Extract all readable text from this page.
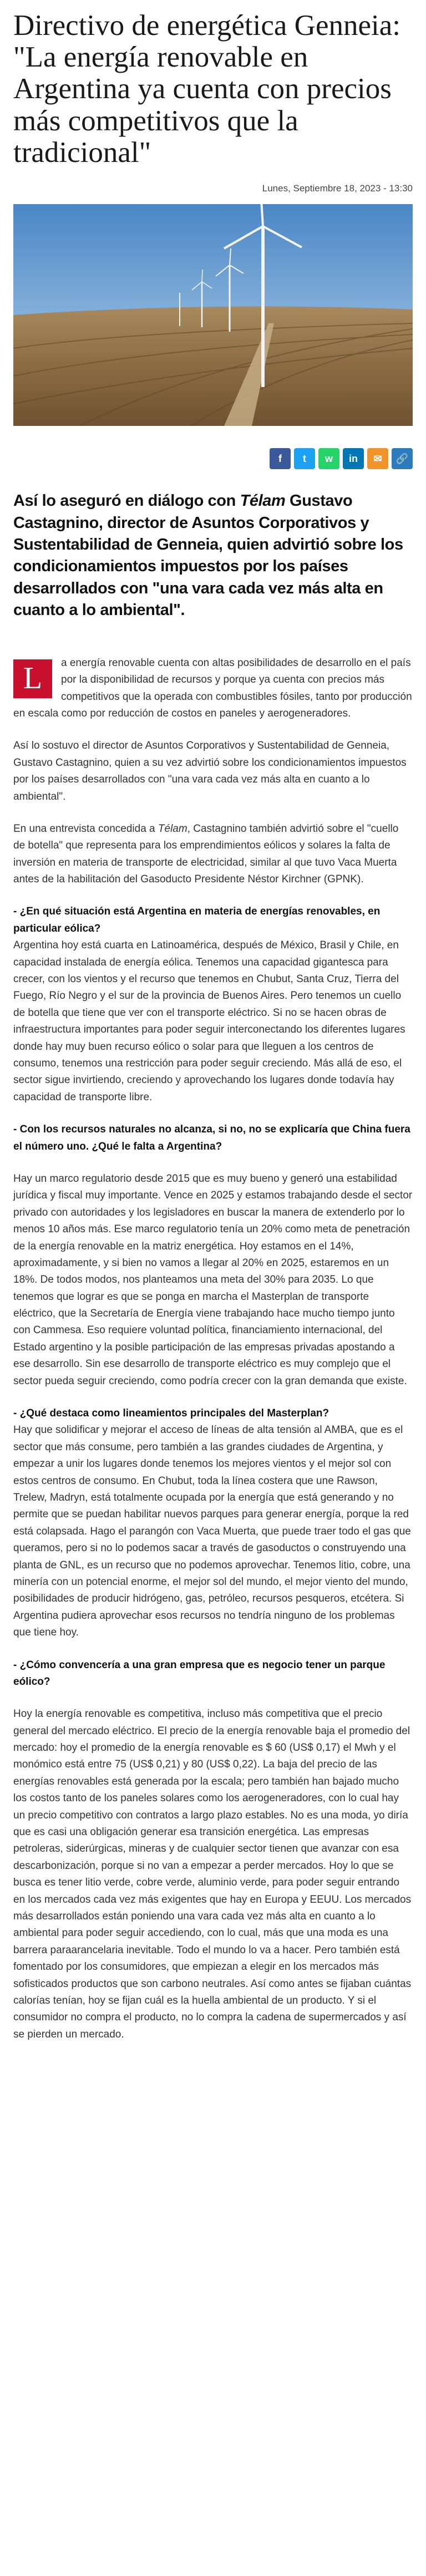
Directivo de energética Genneia: "La energía renovable en Argentina ya cuenta con precios más competitivos que la tradicional"
Lunes, Septiembre 18, 2023 - 13:30
f t w in ✉ 🔗

Así lo aseguró en diálogo con Télam Gustavo Castagnino, director de Asuntos Corporativos y Sustentabilidad de Genneia, quien advirtió sobre los condicionamientos impuestos por los países desarrollados con "una vara cada vez más alta en cuanto a lo ambiental".

L	a energía renovable cuenta con altas posibilidades de desarrollo en el país por la disponibilidad de recursos y porque ya cuenta con precios más competitivos que la operada con combustibles fósiles, tanto por producción en escala como por reducción de costos en paneles y aerogeneradores.

Así lo sostuvo el director de Asuntos Corporativos y Sustentabilidad de Genneia, Gustavo Castagnino, quien a su vez advirtió sobre los condicionamientos impuestos por los países desarrollados con "una vara cada vez más alta en cuanto a lo ambiental".

En una entrevista concedida a Télam, Castagnino también advirtió sobre el "cuello de botella" que representa para los emprendimientos eólicos y solares la falta de inversión en materia de transporte de electricidad, similar al que tuvo Vaca Muerta antes de la habilitación del Gasoducto Presidente Néstor Kirchner (GPNK).

- ¿En qué situación está Argentina en materia de energías renovables, en particular eólica?

Argentina hoy está cuarta en Latinoamérica, después de México, Brasil y Chile, en capacidad instalada de energía eólica. Tenemos una capacidad gigantesca para crecer, con los vientos y el recurso que tenemos en Chubut, Santa Cruz, Tierra del Fuego, Río Negro y el sur de la provincia de Buenos Aires. Pero tenemos un cuello de botella que tiene que ver con el transporte eléctrico. Si no se hacen obras de infraestructura importantes para poder seguir interconectando los diferentes lugares donde hay muy buen recurso eólico o solar para que lleguen a los centros de consumo, tenemos una restricción para poder seguir creciendo. Más allá de eso, el sector sigue invirtiendo, creciendo y aprovechando los lugares donde todavía hay capacidad de transporte libre.

- Con los recursos naturales no alcanza, si no, no se explicaría que China fuera el número uno. ¿Qué le falta a Argentina?

Hay un marco regulatorio desde 2015 que es muy bueno y generó una estabilidad jurídica y fiscal muy importante. Vence en 2025 y estamos trabajando desde el sector privado con autoridades y los legisladores en buscar la manera de extenderlo por lo menos 10 años más. Ese marco regulatorio tenía un 20% como meta de penetración de la energía renovable en la matriz energética. Hoy estamos en el 14%, aproximadamente, y si bien no vamos a llegar al 20% en 2025, estaremos en un 18%. De todos modos, nos planteamos una meta del 30% para 2035. Lo que tenemos que lograr es que se ponga en marcha el Masterplan de transporte eléctrico, que la Secretaría de Energía viene trabajando hace mucho tiempo junto con Cammesa. Eso requiere voluntad política, financiamiento internacional, del Estado argentino y la posible participación de las empresas privadas apostando a ese desarrollo. Sin ese desarrollo de transporte eléctrico es muy complejo que el sector pueda seguir creciendo, como podría crecer con la gran demanda que existe.

- ¿Qué destaca como lineamientos principales del Masterplan?

Hay que solidificar y mejorar el acceso de líneas de alta tensión al AMBA, que es el sector que más consume, pero también a las grandes ciudades de Argentina, y empezar a unir los lugares donde tenemos los mejores vientos y el mejor sol con estos centros de consumo. En Chubut, toda la línea costera que une Rawson, Trelew, Madryn, está totalmente ocupada por la energía que está generando y no permite que se puedan habilitar nuevos parques para generar energía, porque la red está colapsada. Hago el parangón con Vaca Muerta, que puede traer todo el gas que queramos, pero si no lo podemos sacar a través de gasoductos o construyendo una planta de GNL, es un recurso que no podemos aprovechar. Tenemos litio, cobre, una minería con un potencial enorme, el mejor sol del mundo, el mejor viento del mundo, posibilidades de producir hidrógeno, gas, petróleo, recursos pesqueros, etcétera. Si Argentina pudiera aprovechar esos recursos no tendría ninguno de los problemas que tiene hoy.

- ¿Cómo convencería a una gran empresa que es negocio tener un parque eólico?

Hoy la energía renovable es competitiva, incluso más competitiva que el precio general del mercado eléctrico. El precio de la energía renovable baja el promedio del mercado: hoy el promedio de la energía renovable es $ 60 (US$ 0,17) el Mwh y el monómico está entre 75 (US$ 0,21) y 80 (US$ 0,22). La baja del precio de las energías renovables está generada por la escala; pero también han bajado mucho los costos tanto de los paneles solares como los aerogeneradores, con lo cual hay un precio competitivo con contratos a largo plazo estables. No es una moda, yo diría que es casi una obligación generar esa transición energética. Las empresas petroleras, siderúrgicas, mineras y de cualquier sector tienen que avanzar con esa descarbonización, porque si no van a empezar a perder mercados. Hoy lo que se busca es tener litio verde, cobre verde, aluminio verde, para poder seguir entrando en los mercados cada vez más exigentes que hay en Europa y EEUU. Los mercados más desarrollados están poniendo una vara cada vez más alta en cuanto a lo ambiental para poder seguir accediendo, con lo cual, más que una moda es una barrera paraarancelaria inevitable. Todo el mundo lo va a hacer. Pero también está fomentado por los consumidores, que empiezan a elegir en los mercados más sofisticados productos que son carbono neutrales. Así como antes se fijaban cuántas calorías tenían, hoy se fijan cuál es la huella ambiental de un producto. Y si el consumidor no compra el producto, no lo compra la cadena de supermercados y así se pierden un mercado.
